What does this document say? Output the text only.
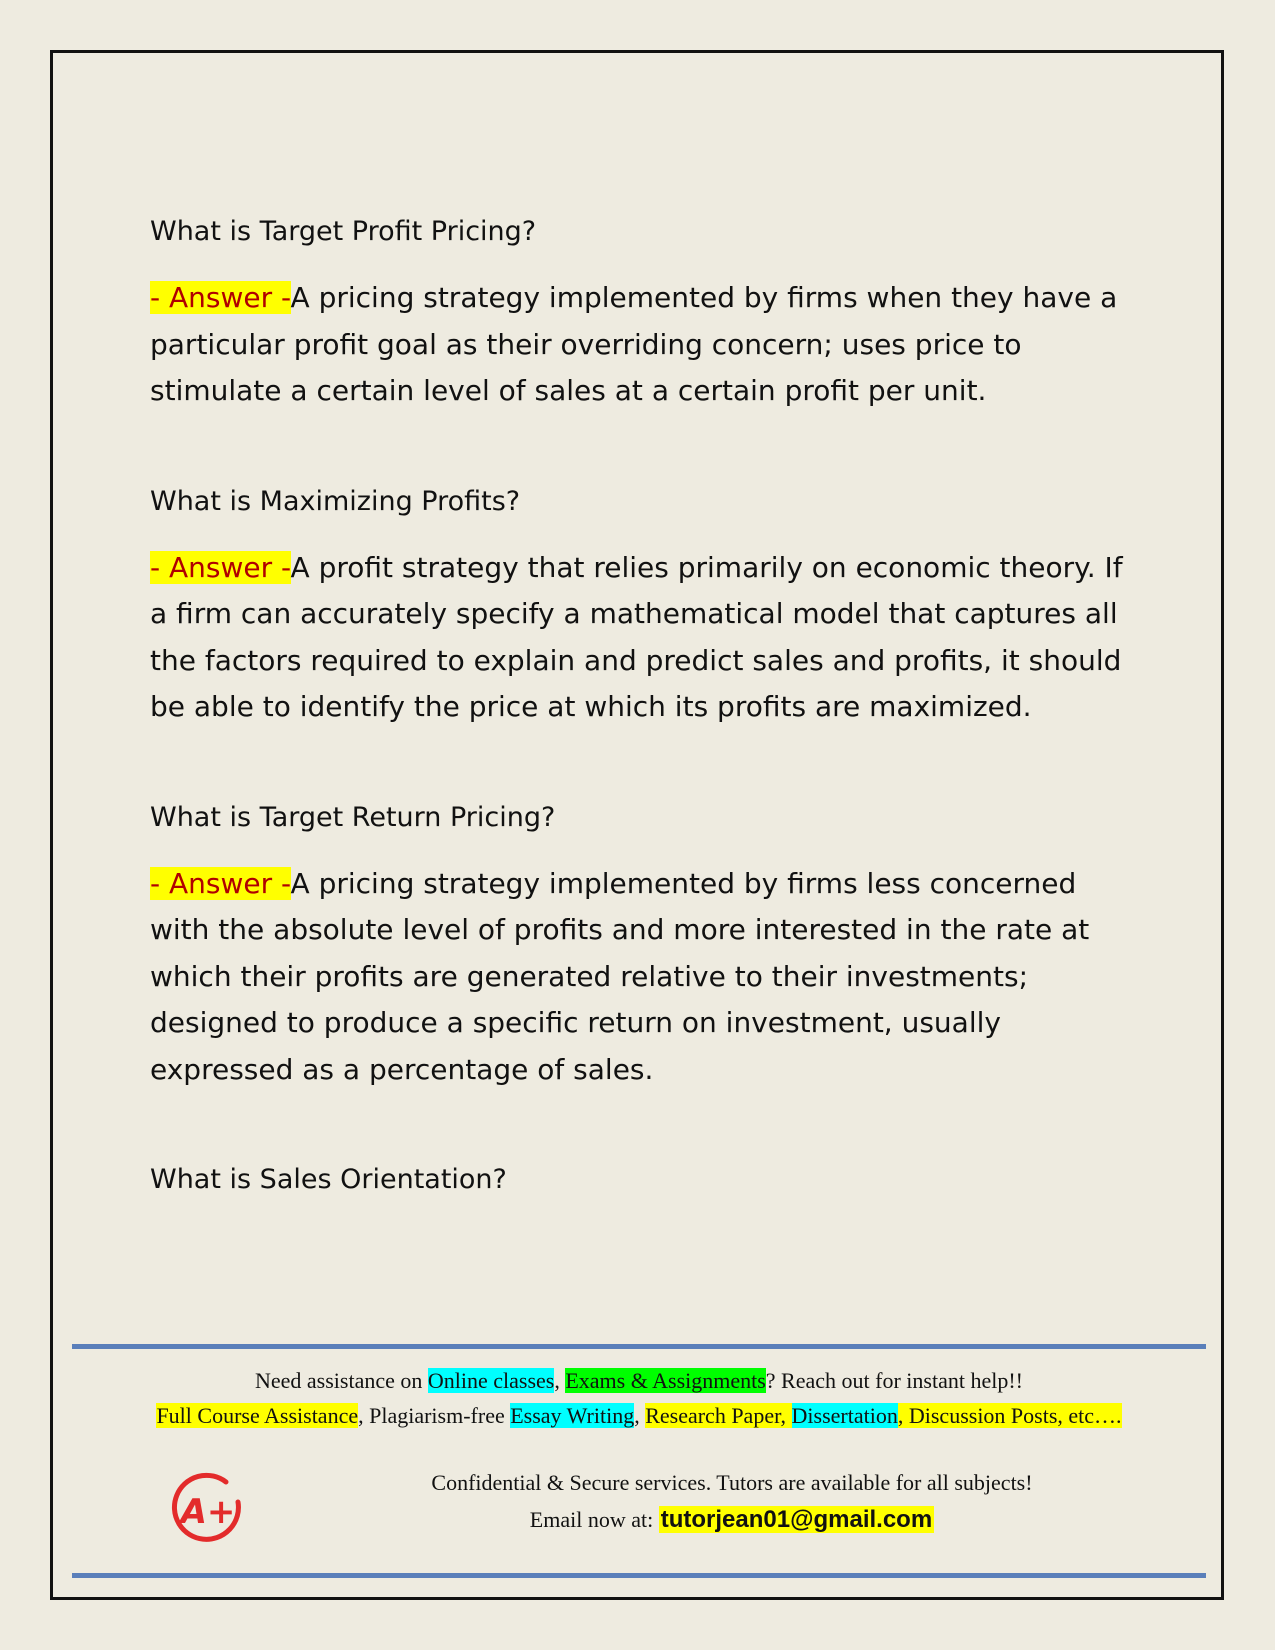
What is Target Profit Pricing?

- Answer -A pricing strategy implemented by firms when they have a particular profit goal as their overriding concern; uses price to stimulate a certain level of sales at a certain profit per unit.

What is Maximizing Profits?

- Answer -A profit strategy that relies primarily on economic theory. If a firm can accurately specify a mathematical model that captures all the factors required to explain and predict sales and profits, it should be able to identify the price at which its profits are maximized.

What is Target Return Pricing?

- Answer -A pricing strategy implemented by firms less concerned with the absolute level of profits and more interested in the rate at which their profits are generated relative to their investments; designed to produce a specific return on investment, usually expressed as a percentage of sales.

What is Sales Orientation?

Need assistance on Online classes, Exams & Assignments? Reach out for instant help!!
Full Course Assistance, Plagiarism-free Essay Writing, Research Paper, Dissertation, Discussion Posts, etc….
A+
Confidential & Secure services. Tutors are available for all subjects!
Email now at: tutorjean01@gmail.com
